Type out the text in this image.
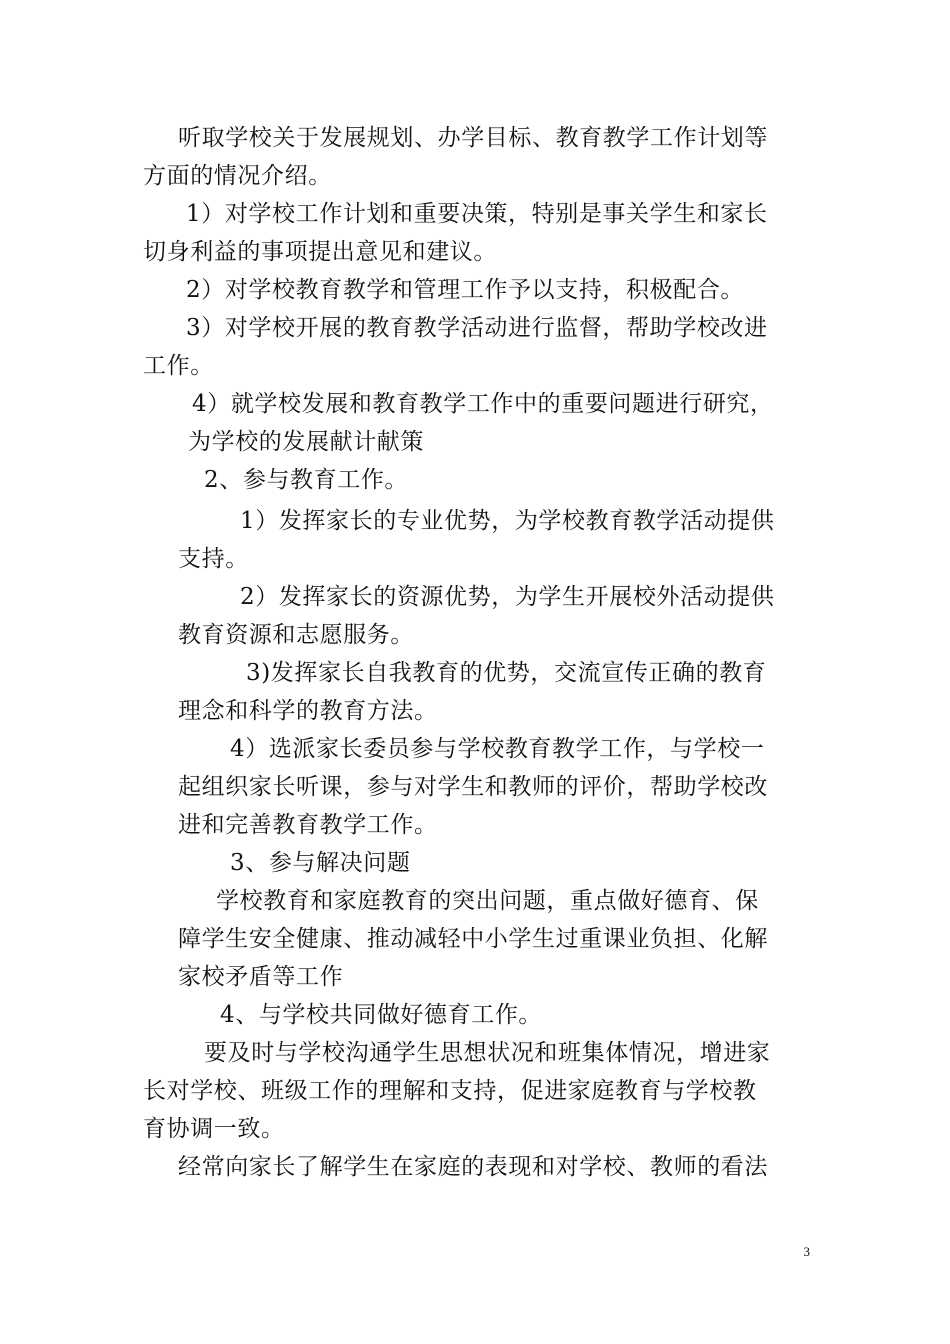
听取学校关于发展规划、办学目标、教育教学工作计划等
方面的情况介绍。
1）对学校工作计划和重要决策，特别是事关学生和家长
切身利益的事项提出意见和建议。
2）对学校教育教学和管理工作予以支持，积极配合。
3）对学校开展的教育教学活动进行监督，帮助学校改进
工作。
4）就学校发展和教育教学工作中的重要问题进行研究，
为学校的发展献计献策
2、参与教育工作。
1）发挥家长的专业优势，为学校教育教学活动提供
支持。
2）发挥家长的资源优势，为学生开展校外活动提供
教育资源和志愿服务。
3)发挥家长自我教育的优势，交流宣传正确的教育
理念和科学的教育方法。
4）选派家长委员参与学校教育教学工作，与学校一
起组织家长听课，参与对学生和教师的评价，帮助学校改
进和完善教育教学工作。
3、参与解决问题
学校教育和家庭教育的突出问题，重点做好德育、保
障学生安全健康、推动减轻中小学生过重课业负担、化解
家校矛盾等工作
4、与学校共同做好德育工作。
要及时与学校沟通学生思想状况和班集体情况，增进家
长对学校、班级工作的理解和支持，促进家庭教育与学校教
育协调一致。
经常向家长了解学生在家庭的表现和对学校、教师的看法
3
